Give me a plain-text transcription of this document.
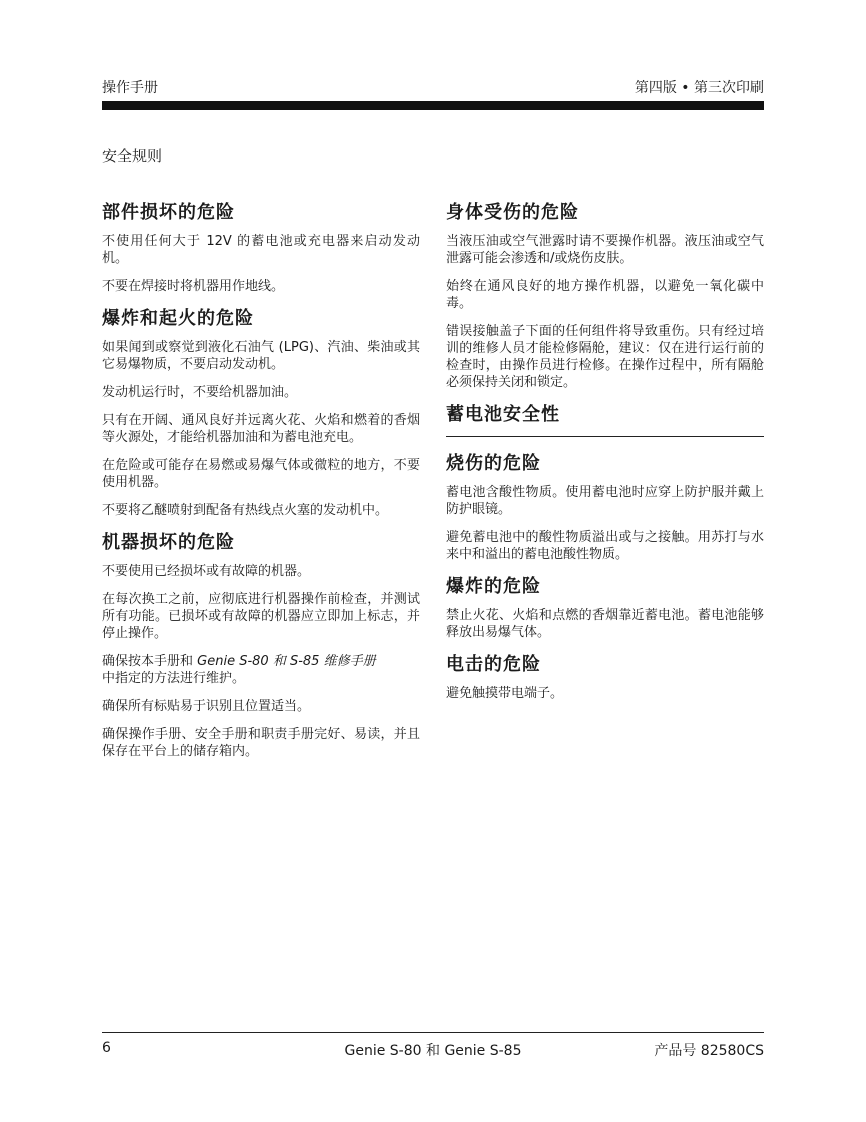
操作手册	第四版 • 第三次印刷
安全规则
部件损坏的危险

不使用任何大于 12V 的蓄电池或充电器来启动发动机。

不要在焊接时将机器用作地线。

爆炸和起火的危险

如果闻到或察觉到液化石油气 (LPG)、汽油、柴油或其它易爆物质，不要启动发动机。

发动机运行时，不要给机器加油。

只有在开阔、通风良好并远离火花、火焰和燃着的香烟等火源处，才能给机器加油和为蓄电池充电。

在危险或可能存在易燃或易爆气体或微粒的地方，不要使用机器。

不要将乙醚喷射到配备有热线点火塞的发动机中。

机器损坏的危险

不要使用已经损坏或有故障的机器。

在每次换工之前，应彻底进行机器操作前检查，并测试所有功能。已损坏或有故障的机器应立即加上标志，并停止操作。

确保按本手册和 Genie S-80 和 S-85 维修手册
中指定的方法进行维护。

确保所有标贴易于识别且位置适当。

确保操作手册、安全手册和职责手册完好、易读，并且保存在平台上的储存箱内。

身体受伤的危险

当液压油或空气泄露时请不要操作机器。液压油或空气泄露可能会渗透和/或烧伤皮肤。

始终在通风良好的地方操作机器，以避免一氧化碳中毒。

错误接触盖子下面的任何组件将导致重伤。只有经过培训的维修人员才能检修隔舱，建议：仅在进行运行前的检查时，由操作员进行检修。在操作过程中，所有隔舱必须保持关闭和锁定。

蓄电池安全性
烧伤的危险

蓄电池含酸性物质。使用蓄电池时应穿上防护服并戴上防护眼镜。

避免蓄电池中的酸性物质溢出或与之接触。用苏打与水来中和溢出的蓄电池酸性物质。

爆炸的危险

禁止火花、火焰和点燃的香烟靠近蓄电池。蓄电池能够释放出易爆气体。

电击的危险

避免触摸带电端子。

6	Genie S-80 和 Genie S-85	产品号 82580CS
